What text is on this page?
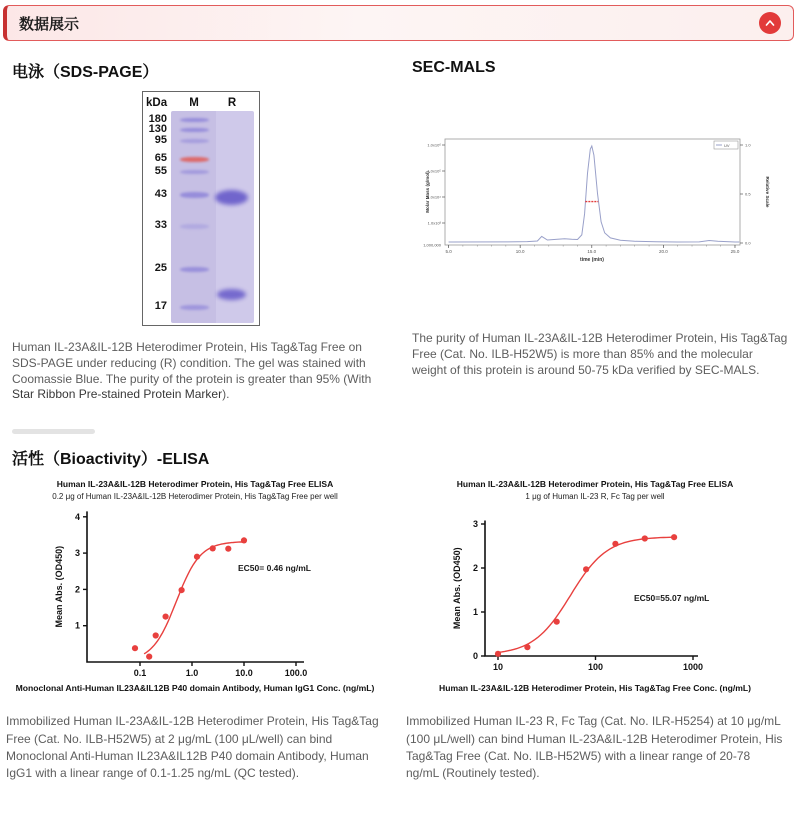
数据展示
电泳（SDS-PAGE）
kDa	M	R
180
130
95
65
55
43
33
25
17

Human IL-23A&IL-12B Heterodimer Protein, His Tag&Tag Free on SDS-PAGE under reducing (R) condition. The gel was stained with Coomassie Blue. The purity of the protein is greater than 95% (With Star Ribbon Pre-stained Protein Marker).

SEC-MALS
5.0	10.0	15.0	20.0	25.0
1.0x10⁶
1.0x10⁵
1.0x10⁴
1.0x10³
1,000,000
1.0
0.5
0.0
UV
time (min)
Molar Mass (g/mol)	Relative Scale

The purity of Human IL-23A&IL-12B Heterodimer Protein, His Tag&Tag Free (Cat. No. ILB-H52W5) is more than 85% and the molecular weight of this protein is around 50-75 kDa verified by SEC-MALS.

活性（Bioactivity）-ELISA
Human IL-23A&IL-12B Heterodimer Protein, His Tag&Tag Free ELISA
0.2 μg of Human IL-23A&IL-12B Heterodimer Protein, His Tag&Tag Free per well
1
2
3
4
0.1	1.0	10.0	100.0
EC50= 0.46 ng/mL
Mean Abs. (OD450)
Monoclonal Anti-Human IL23A&IL12B P40 domain Antibody, Human IgG1 Conc. (ng/mL)
Immobilized Human IL-23A&IL-12B Heterodimer Protein, His Tag&Tag Free (Cat. No. ILB-H52W5) at 2 μg/mL (100 μL/well) can bind Monoclonal Anti-Human IL23A&IL12B P40 domain Antibody, Human IgG1 with a linear range of 0.1-1.25 ng/mL (QC tested).
Human IL-23A&IL-12B Heterodimer Protein, His Tag&Tag Free ELISA
1 μg of Human IL-23 R, Fc Tag per well
0
1
2
3
10	100	1000
EC50=55.07 ng/mL
Mean Abs. (OD450)
Human IL-23A&IL-12B Heterodimer Protein, His Tag&Tag Free Conc. (ng/mL)
Immobilized Human IL-23 R, Fc Tag (Cat. No. ILR-H5254) at 10 μg/mL (100 μL/well) can bind Human IL-23A&IL-12B Heterodimer Protein, His Tag&Tag Free (Cat. No. ILB-H52W5) with a linear range of 20-78 ng/mL (Routinely tested).
